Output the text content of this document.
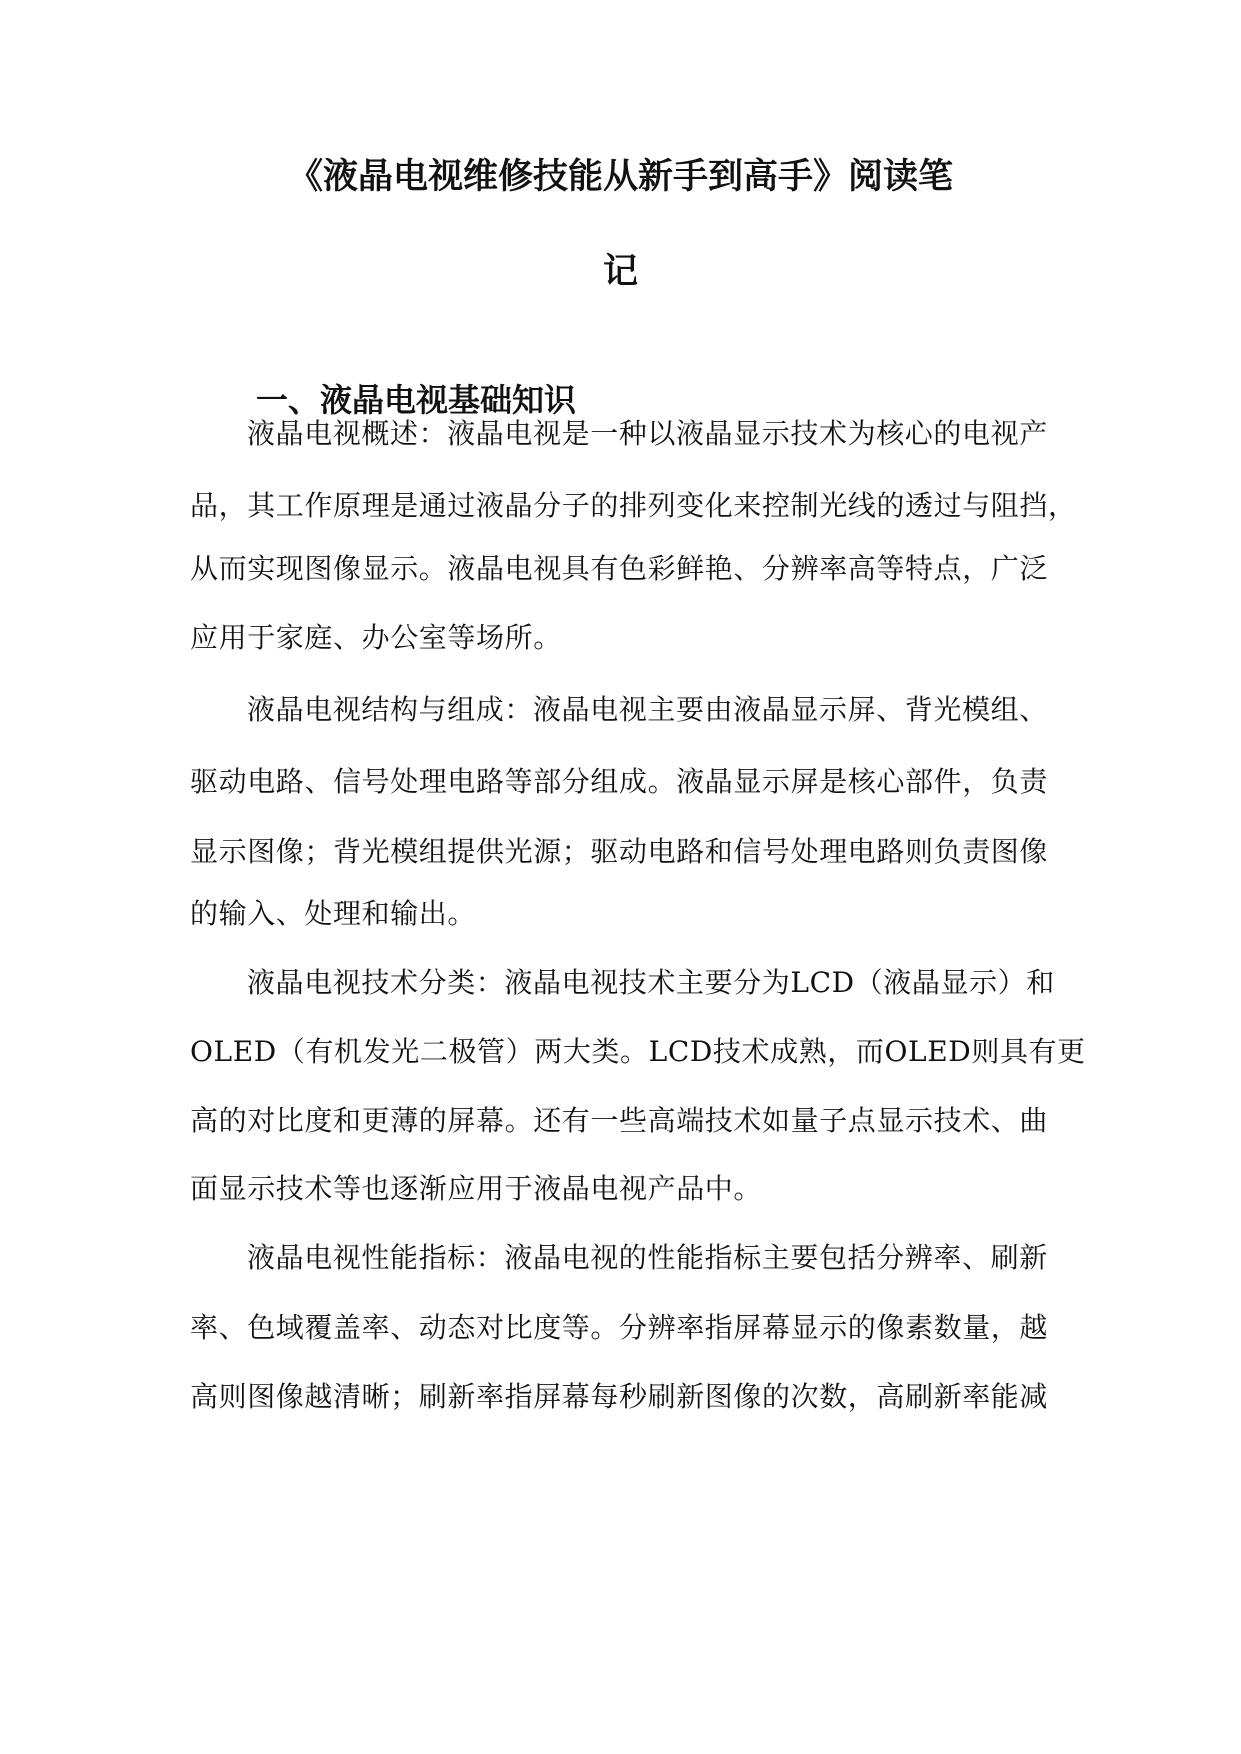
《液晶电视维修技能从新手到高手》阅读笔
记
一、液晶电视基础知识
液晶电视概述：液晶电视是一种以液晶显示技术为核心的电视产
品，其工作原理是通过液晶分子的排列变化来控制光线的透过与阻挡，
从而实现图像显示。液晶电视具有色彩鲜艳、分辨率高等特点，广泛
应用于家庭、办公室等场所。
液晶电视结构与组成：液晶电视主要由液晶显示屏、背光模组、
驱动电路、信号处理电路等部分组成。液晶显示屏是核心部件，负责
显示图像；背光模组提供光源；驱动电路和信号处理电路则负责图像
的输入、处理和输出。
液晶电视技术分类：液晶电视技术主要分为LCD（液晶显示）和
OLED（有机发光二极管）两大类。LCD技术成熟，而OLED则具有更
高的对比度和更薄的屏幕。还有一些高端技术如量子点显示技术、曲
面显示技术等也逐渐应用于液晶电视产品中。
液晶电视性能指标：液晶电视的性能指标主要包括分辨率、刷新
率、色域覆盖率、动态对比度等。分辨率指屏幕显示的像素数量，越
高则图像越清晰；刷新率指屏幕每秒刷新图像的次数，高刷新率能减
